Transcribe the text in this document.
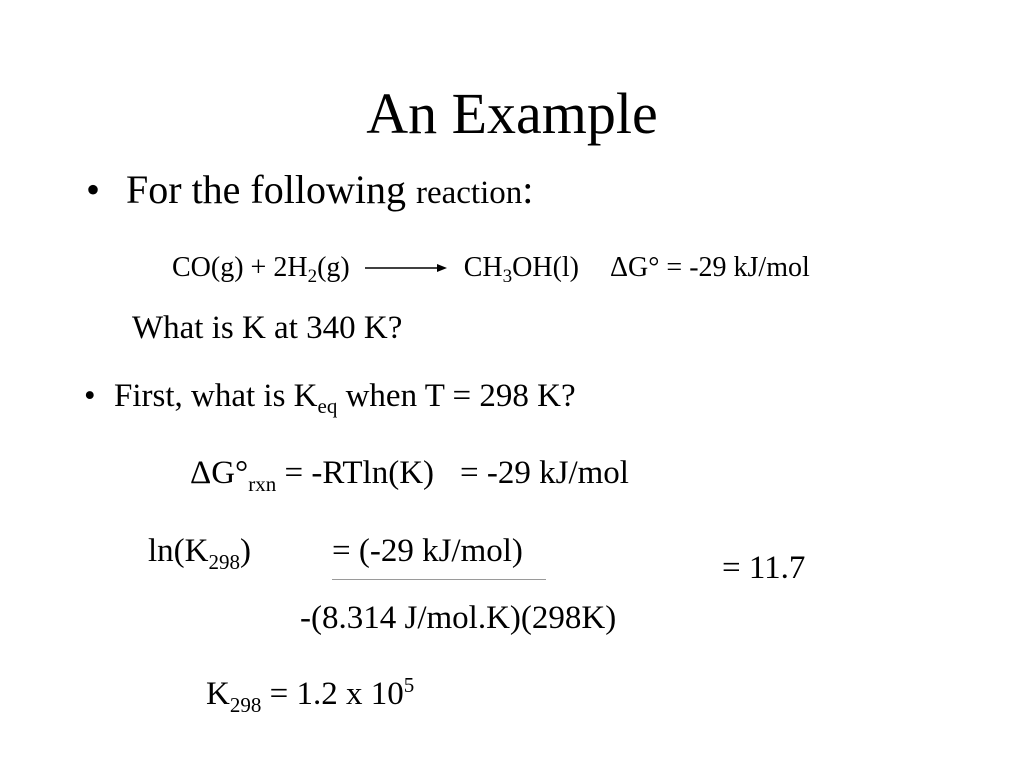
An Example
• For the following reaction:
$CO(g) + 2H_2(g) \to CH_3OH(l) \Delta G^\circ = -29$ kJ/mol
What is K at 340 K?
• First, what is $K_{eq}$ when T = 298 K?
$\Delta G^\circ_{rxn} = -RTln(K) = -29$ kJ/mol
$\ln(K_{298}) = (-29$ kJ/mol)
-(8.314 J/mol.K)(298K)
= 11.7
$K_{298} = 1.2$ x $10^5$
